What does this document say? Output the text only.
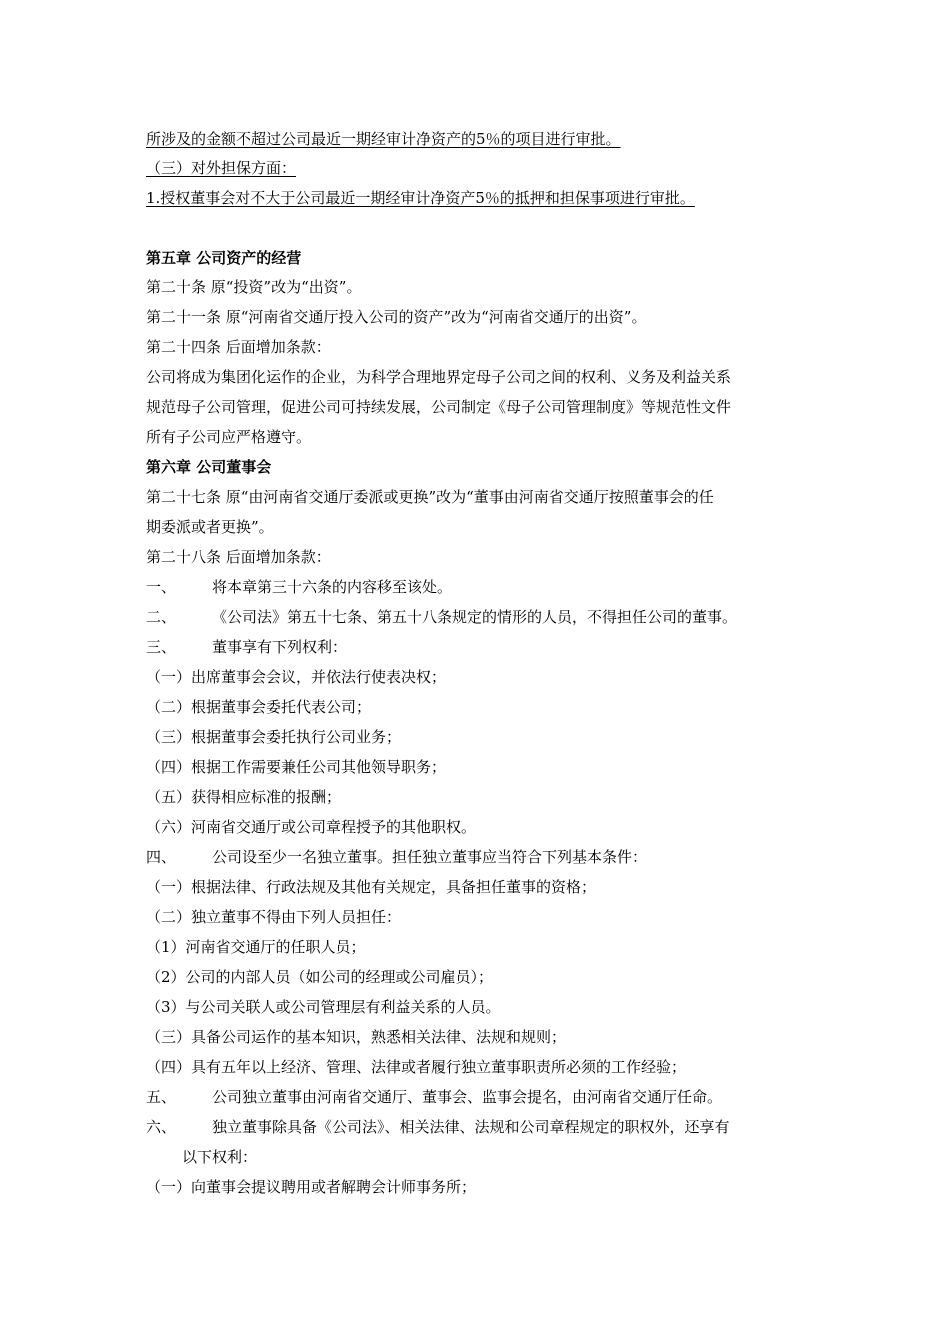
所涉及的金额不超过公司最近一期经审计净资产的5％的项目进行审批。
（三）对外担保方面：
1.授权董事会对不大于公司最近一期经审计净资产5％的抵押和担保事项进行审批。
第五章 公司资产的经营
第二十条 原“投资”改为“出资”。
第二十一条 原“河南省交通厅投入公司的资产”改为“河南省交通厅的出资”。
第二十四条 后面增加条款：
公司将成为集团化运作的企业，为科学合理地界定母子公司之间的权利、义务及利益关系
规范母子公司管理，促进公司可持续发展，公司制定《母子公司管理制度》等规范性文件
所有子公司应严格遵守。
第六章 公司董事会
第二十七条 原“由河南省交通厅委派或更换”改为“董事由河南省交通厅按照董事会的任
期委派或者更换”。
第二十八条 后面增加条款：
一、 将本章第三十六条的内容移至该处。
二、 《公司法》第五十七条、第五十八条规定的情形的人员，不得担任公司的董事。
三、 董事享有下列权利：
（一）出席董事会会议，并依法行使表决权；
（二）根据董事会委托代表公司；
（三）根据董事会委托执行公司业务；
（四）根据工作需要兼任公司其他领导职务；
（五）获得相应标准的报酬；
（六）河南省交通厅或公司章程授予的其他职权。
四、 公司设至少一名独立董事。担任独立董事应当符合下列基本条件：
（一）根据法律、行政法规及其他有关规定，具备担任董事的资格；
（二）独立董事不得由下列人员担任：
（1）河南省交通厅的任职人员；
（2）公司的内部人员（如公司的经理或公司雇员）；
（3）与公司关联人或公司管理层有利益关系的人员。
（三）具备公司运作的基本知识，熟悉相关法律、法规和规则；
（四）具有五年以上经济、管理、法律或者履行独立董事职责所必须的工作经验；
五、 公司独立董事由河南省交通厅、董事会、监事会提名，由河南省交通厅任命。
六、 独立董事除具备《公司法》、相关法律、法规和公司章程规定的职权外，还享有
以下权利：
（一）向董事会提议聘用或者解聘会计师事务所；
